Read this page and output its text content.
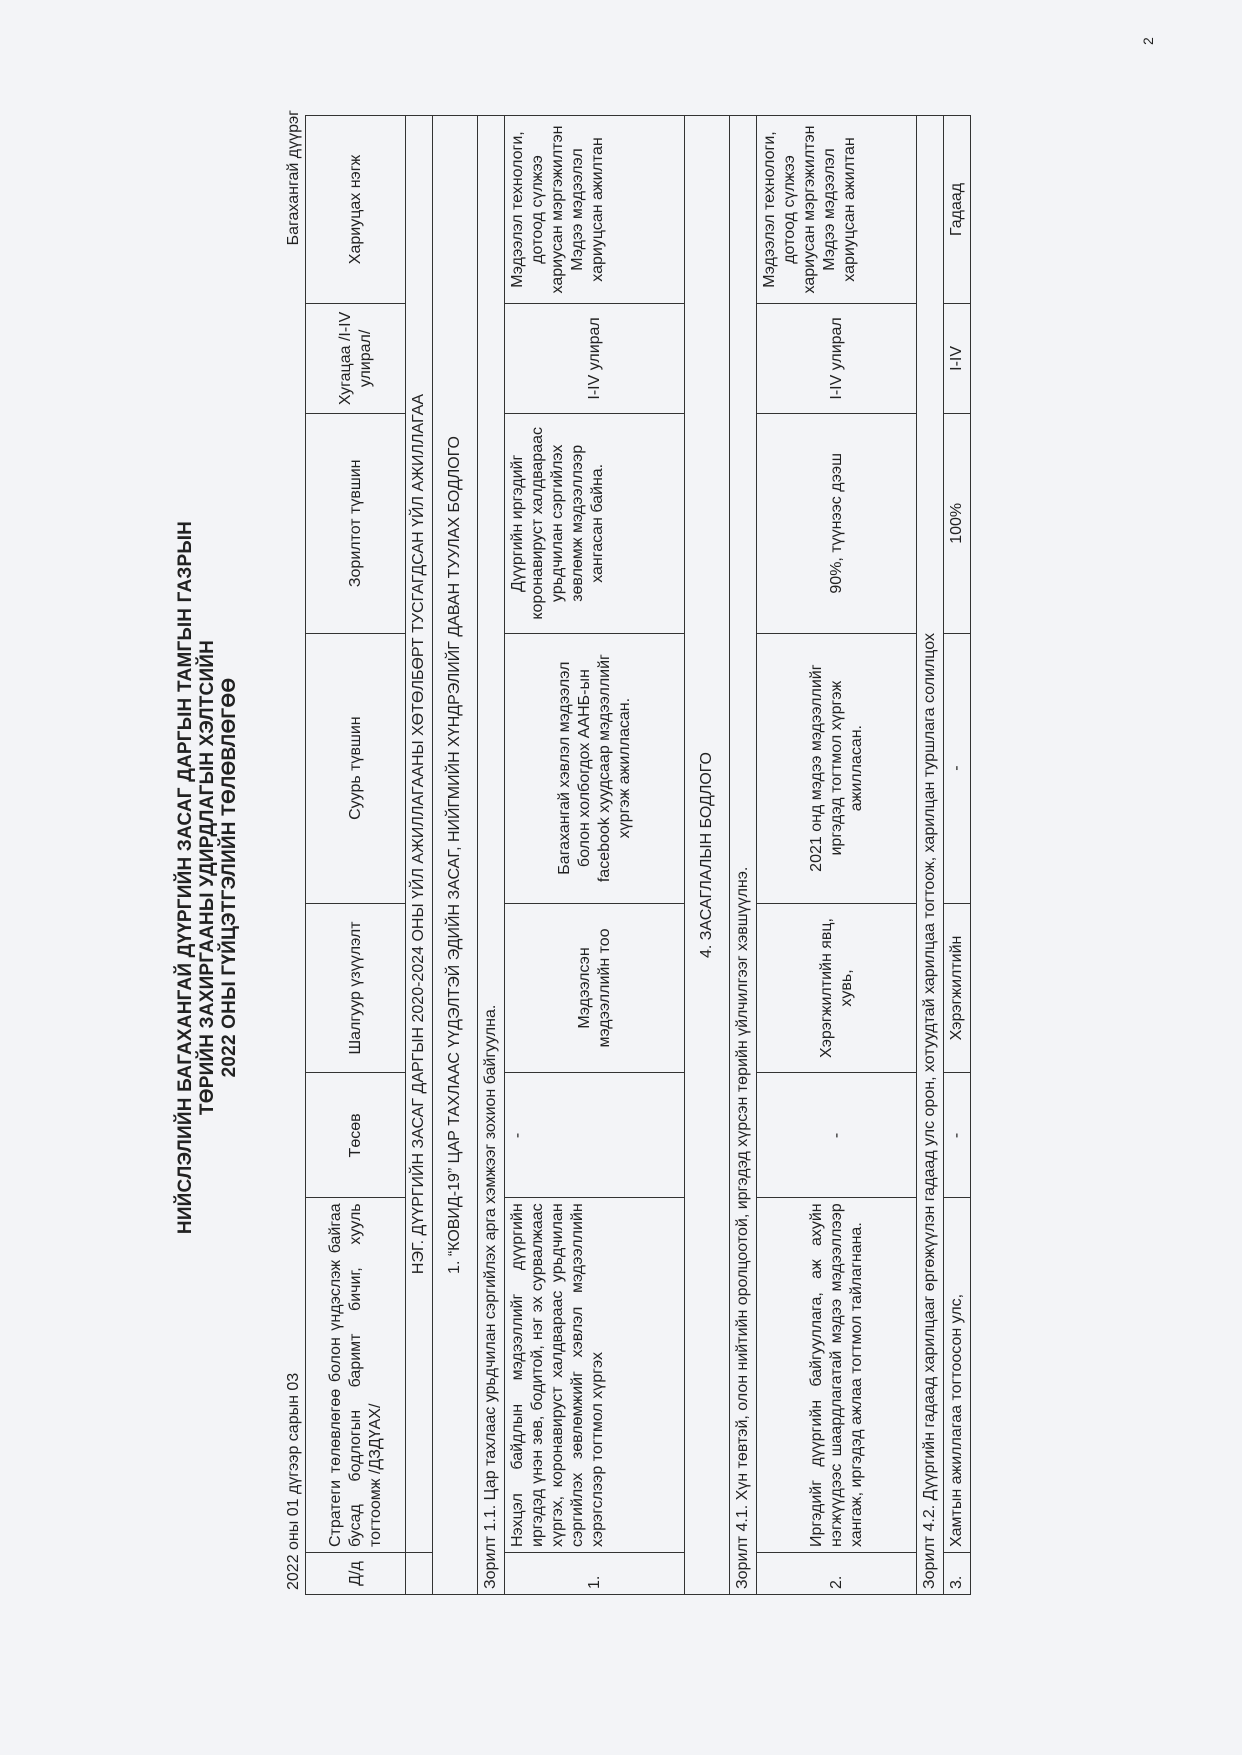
НИЙСЛЭЛИЙН БАГАХАНГАЙ ДҮҮРГИЙН ЗАСАГ ДАРГЫН ТАМГЫН ГАЗРЫН ТӨРИЙН ЗАХИРГААНЫ УДИРДЛАГЫН ХЭЛТСИЙН 2022 ОНЫ ГҮЙЦЭТГЭЛИЙН ТӨЛӨВЛӨГӨӨ
2022 оны 01 дүгээр сарын 03
Багахангай дүүрэг
Д/д	Стратеги төлөвлөгөө болон үндэслэж байгаа бусад бодлогын баримт бичиг, хууль тогтоомж /ДЗДҮАХ/	Төсөв	Шалгуур үзүүлэлт	Суурь түвшин	Зорилтот түвшин	Хугацаа /I-IV улирал/	Хариуцах нэгж
	НЭГ. ДҮҮРГИЙН ЗАСАГ ДАРГЫН 2020-2024 ОНЫ ҮЙЛ АЖИЛЛАГААНЫ ХӨТӨЛБӨРТ ТУСГАГДСАН ҮЙЛ АЖИЛЛАГАА						
1. “КОВИД-19” ЦАР ТАХЛААС ҮҮДЭЛТЭЙ ЭДИЙН ЗАСАГ, НИЙГМИЙН ХҮНДРЭЛИЙГ ДАВАН ТУУЛАХ БОДЛОГО							
Зорилт 1.1. Цар тахлаас урьдчилан сэргийлэх арга хэмжээг зохион байгуулна.							
1.	Нэхцэл байдлын мэдээллийг дүүргийн иргэдэд үнэн зөв, бодитой, нэг эх сурвалжаас хүргэх, коронавируст халдвараас урьдчилан сэргийлэх зөвлөмжийг хэвлэл мэдээллийн хэрэгслээр тогтмол хүргэх	-	Мэдээлсэн мэдээллийн тоо	Багахангай хэвлэл мэдээлэл болон холбогдох ААНБ-ын facebook хуудсаар мэдээллийг хүргэж ажилласан.	Дүүргийн иргэдийг коронавируст халдвараас урьдчилан сэргийлэх зөвлөмж мэдээллээр хангасан байна.	I-IV улирал	Мэдээлэл технологи, дотоод сүлжээ хариусан мэргэжилтэн Мэдээ мэдээлэл хариуцсан ажилтан
4. ЗАСАГЛАЛЫН БОДЛОГО							
Зорилт 4.1. Хүн төвтэй, олон нийтийн оролцоотой, иргэдэд хүрсэн төрийн үйлчилгээг хэвшүүлнэ.							
2.	Иргэдийг дүүргийн байгууллага, аж ахуйн нэгжүүдээс шаардлагатай мэдээ мэдээллээр хангаж, иргэдэд ажлаа тогтмол тайлагнана.	-	Хэрэгжилтийн явц, хувь,	2021 онд мэдээ мэдээллийг иргэдэд тогтмол хүргэж ажилласан.	90%, түүнээс дээш	I-IV улирал	Мэдээлэл технологи, дотоод сүлжээ хариусан мэргэжилтэн Мэдээ мэдээлэл хариуцсан ажилтан
Зорилт 4.2. Дүүргийн гадаад харилцааг өргөжүүлэн гадаад улс орон, хотуудтай харилцаа тогтоож, харилцан туршлага солилцох							
3.	Хамтын ажиллагаа тогтоосон улс,	-	Хэрэгжилтийн	-	100%	I-IV	Гадаад
2
